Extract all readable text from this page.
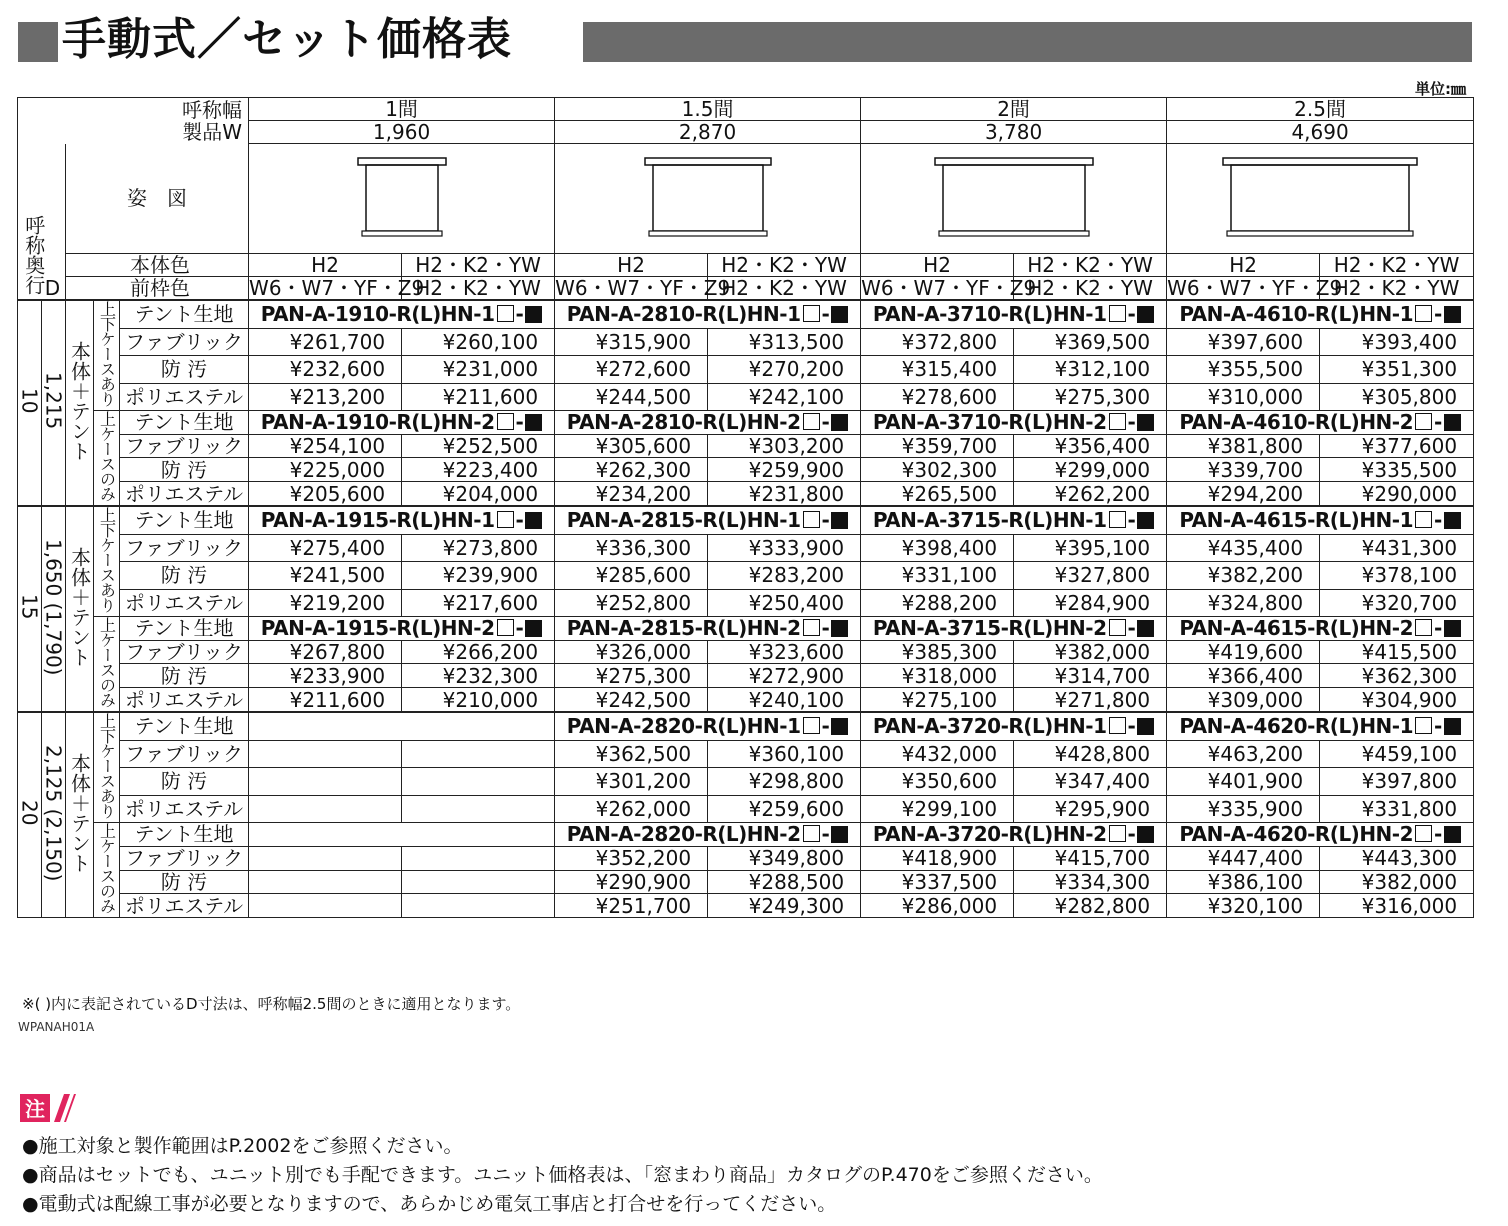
手動式／セット価格表
単位:㎜
呼称幅
製品W					1間		1.5間		2間		2.5間	
					1,960		2,870		3,780		4,690	
呼称奥行D		姿　図	

		本体色			H2	H2・K2・YW	H2	H2・K2・YW	H2	H2・K2・YW	H2	H2・K2・YW
		前枠色			W6・W7・YF・Z9	H2・K2・YW	W6・W7・YF・Z9	H2・K2・YW	W6・W7・YF・Z9	H2・K2・YW	W6・W7・YF・Z9	H2・K2・YW
10	1,215	本体＋テント	上下ケースあり	テント生地	PAN-A-1910-R(L)HN-1 -		PAN-A-2810-R(L)HN-1 -		PAN-A-3710-R(L)HN-1 -		PAN-A-4610-R(L)HN-1 -	
				ファブリック	¥261,700	¥260,100	¥315,900	¥313,500	¥372,800	¥369,500	¥397,600	¥393,400
				防 汚	¥232,600	¥231,000	¥272,600	¥270,200	¥315,400	¥312,100	¥355,500	¥351,300
				ポリエステル	¥213,200	¥211,600	¥244,500	¥242,100	¥278,600	¥275,300	¥310,000	¥305,800
			上ケースのみ	テント生地	PAN-A-1910-R(L)HN-2 -		PAN-A-2810-R(L)HN-2 -		PAN-A-3710-R(L)HN-2 -		PAN-A-4610-R(L)HN-2 -	
				ファブリック	¥254,100	¥252,500	¥305,600	¥303,200	¥359,700	¥356,400	¥381,800	¥377,600
				防 汚	¥225,000	¥223,400	¥262,300	¥259,900	¥302,300	¥299,000	¥339,700	¥335,500
				ポリエステル	¥205,600	¥204,000	¥234,200	¥231,800	¥265,500	¥262,200	¥294,200	¥290,000
15	1,650 (1,790)	本体＋テント	上下ケースあり	テント生地	PAN-A-1915-R(L)HN-1 -		PAN-A-2815-R(L)HN-1 -		PAN-A-3715-R(L)HN-1 -		PAN-A-4615-R(L)HN-1 -	
				ファブリック	¥275,400	¥273,800	¥336,300	¥333,900	¥398,400	¥395,100	¥435,400	¥431,300
				防 汚	¥241,500	¥239,900	¥285,600	¥283,200	¥331,100	¥327,800	¥382,200	¥378,100
				ポリエステル	¥219,200	¥217,600	¥252,800	¥250,400	¥288,200	¥284,900	¥324,800	¥320,700
			上ケースのみ	テント生地	PAN-A-1915-R(L)HN-2 -		PAN-A-2815-R(L)HN-2 -		PAN-A-3715-R(L)HN-2 -		PAN-A-4615-R(L)HN-2 -	
				ファブリック	¥267,800	¥266,200	¥326,000	¥323,600	¥385,300	¥382,000	¥419,600	¥415,500
				防 汚	¥233,900	¥232,300	¥275,300	¥272,900	¥318,000	¥314,700	¥366,400	¥362,300
				ポリエステル	¥211,600	¥210,000	¥242,500	¥240,100	¥275,100	¥271,800	¥309,000	¥304,900
20	2,125 (2,150)	本体＋テント	上下ケースあり	テント生地			PAN-A-2820-R(L)HN-1 -		PAN-A-3720-R(L)HN-1 -		PAN-A-4620-R(L)HN-1 -	
				ファブリック			¥362,500	¥360,100	¥432,000	¥428,800	¥463,200	¥459,100
				防 汚			¥301,200	¥298,800	¥350,600	¥347,400	¥401,900	¥397,800
				ポリエステル			¥262,000	¥259,600	¥299,100	¥295,900	¥335,900	¥331,800
			上ケースのみ	テント生地			PAN-A-2820-R(L)HN-2 -		PAN-A-3720-R(L)HN-2 -		PAN-A-4620-R(L)HN-2 -	
				ファブリック			¥352,200	¥349,800	¥418,900	¥415,700	¥447,400	¥443,300
				防 汚			¥290,900	¥288,500	¥337,500	¥334,300	¥386,100	¥382,000
				ポリエステル			¥251,700	¥249,300	¥286,000	¥282,800	¥320,100	¥316,000
※( )内に表記されているD寸法は、呼称幅2.5間のときに適用となります。
WPANAH01A
注
●施工対象と製作範囲はP.2002をご参照ください。
●商品はセットでも、ユニット別でも手配できます。ユニット価格表は、「窓まわり商品」カタログのP.470をご参照ください。
●電動式は配線工事が必要となりますので、あらかじめ電気工事店と打合せを行ってください。
